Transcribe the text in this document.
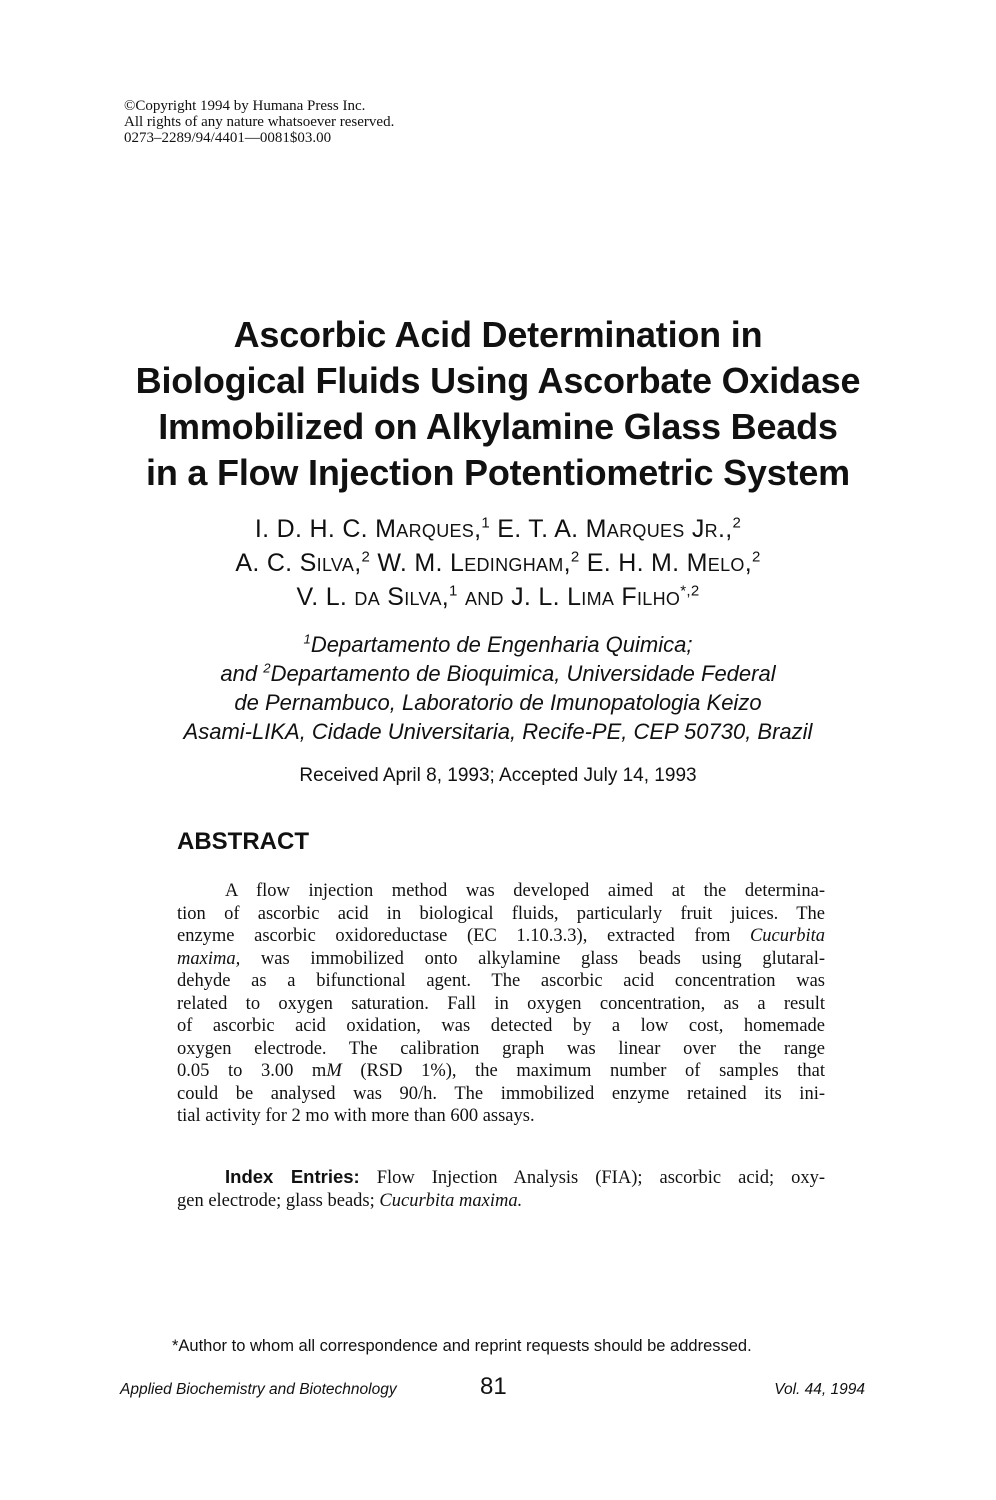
©Copyright 1994 by Humana Press Inc.
All rights of any nature whatsoever reserved.
0273–2289/94/4401—0081$03.00
Ascorbic Acid Determination in
Biological Fluids Using Ascorbate Oxidase
Immobilized on Alkylamine Glass Beads
in a Flow Injection Potentiometric System
I. D. H. C. Marques,$^1$ E. T. A. Marques Jr.,$^2$
A. C. Silva,$^2$ W. M. Ledingham,$^2$ E. H. M. Melo,$^2$
V. L. da Silva,$^1$ and J. L. Lima Filho$^{*,2}$
$^1$Departamento de Engenharia Quimica;
and $^2$Departamento de Bioquimica, Universidade Federal
de Pernambuco, Laboratorio de Imunopatologia Keizo
Asami-LIKA, Cidade Universitaria, Recife-PE, CEP 50730, Brazil
Received April 8, 1993; Accepted July 14, 1993
ABSTRACT
A flow injection method was developed aimed at the determina-
tion of ascorbic acid in biological fluids, particularly fruit juices. The
enzyme ascorbic oxidoreductase (EC 1.10.3.3), extracted from Cucurbita
maxima, was immobilized onto alkylamine glass beads using glutaral-
dehyde as a bifunctional agent. The ascorbic acid concentration was
related to oxygen saturation. Fall in oxygen concentration, as a result
of ascorbic acid oxidation, was detected by a low cost, homemade
oxygen electrode. The calibration graph was linear over the range
0.05 to 3.00 mM (RSD 1%), the maximum number of samples that
could be analysed was 90/h. The immobilized enzyme retained its ini-
tial activity for 2 mo with more than 600 assays.
Index Entries: Flow Injection Analysis (FIA); ascorbic acid; oxy-
gen electrode; glass beads; Cucurbita maxima.
*Author to whom all correspondence and reprint requests should be addressed.
Applied Biochemistry and Biotechnology	81	Vol. 44, 1994
